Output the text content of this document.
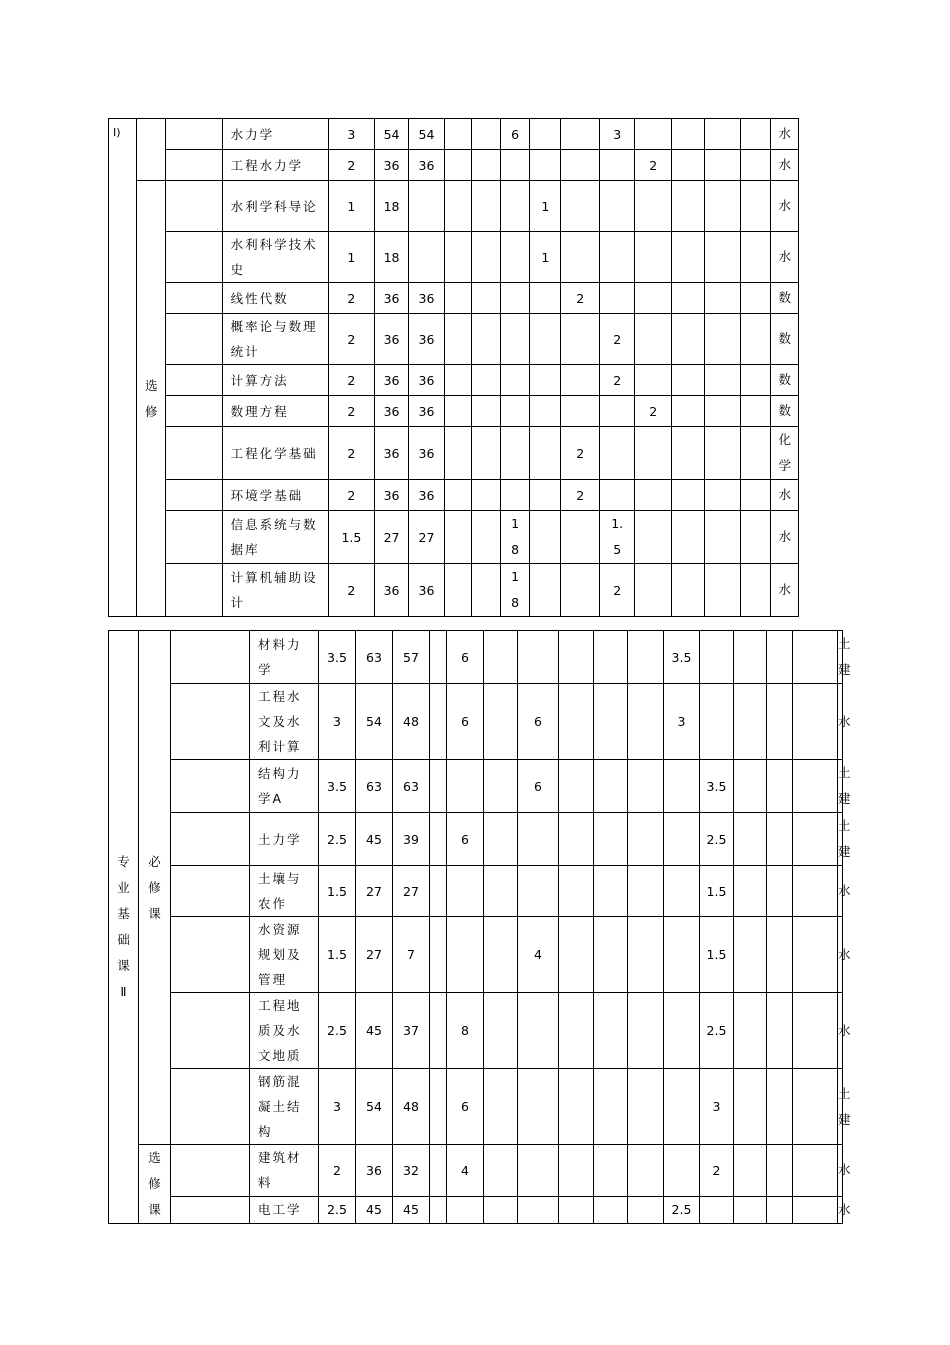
I)			水力学	3	54	54			6			3					水
			工程水力学	2	36	36							2				水
	选修		水利学科导论	1	18					1							水
			水利科学技术史	1	18					1							水
			线性代数	2	36	36					2						数
			概率论与数理统计	2	36	36						2					数
			计算方法	2	36	36						2					数
			数理方程	2	36	36							2				数
			工程化学基础	2	36	36					2						化学
			环境学基础	2	36	36					2						水
			信息系统与数据库	1.5	27	27			18			1.5					水
			计算机辅助设计	2	36	36			18			2					水
专业基础课Ⅱ	必修课		材料力学	3.5	63	57		6						3.5					土建
			工程水文及水利计算	3	54	48		6		6				3					水
			结构力学A	3.5	63	63				6					3.5				土建
			土力学	2.5	45	39		6							2.5				土建
			土壤与农作	1.5	27	27									1.5				水
			水资源规划及管理	1.5	27	7				4					1.5				水
			工程地质及水文地质	2.5	45	37		8							2.5				水
			钢筋混凝土结构	3	54	48		6							3				土建
	选修课		建筑材料	2	36	32		4							2				水
			电工学	2.5	45	45								2.5					水
